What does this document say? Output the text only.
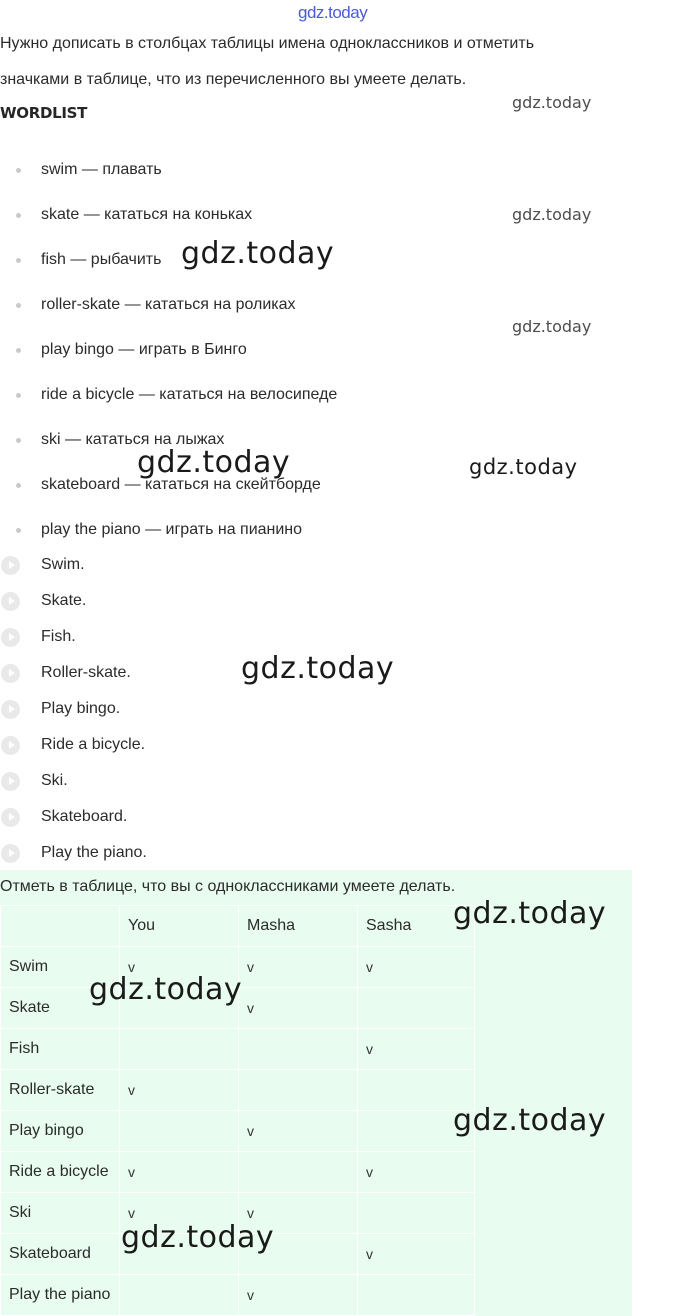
gdz.today
Нужно дописать в столбцах таблицы имена одноклассников и отметить
значками в таблице, что из перечисленного вы умеете делать.
WORDLIST
swim — плавать
skate — кататься на коньках
fish — рыбачить
roller-skate — кататься на роликах
play bingo — играть в Бинго
ride a bicycle — кататься на велосипеде
ski — кататься на лыжах
skateboard — кататься на скейтборде
play the piano — играть на пианино
Swim.
Skate.
Fish.
Roller-skate.
Play bingo.
Ride a bicycle.
Ski.
Skateboard.
Play the piano.
Отметь в таблице, что вы с одноклассниками умеете делать.
	You	Masha	Sasha
Swim	v	v	v
Skate		v	
Fish			v
Roller-skate	v		
Play bingo		v	
Ride a bicycle	v		v
Ski	v	v	
Skateboard			v
Play the piano		v	
gdz.today
gdz.today
gdz.today
gdz.today
gdz.today	gdz.today
gdz.today
gdz.today
gdz.today
gdz.today
gdz.today
